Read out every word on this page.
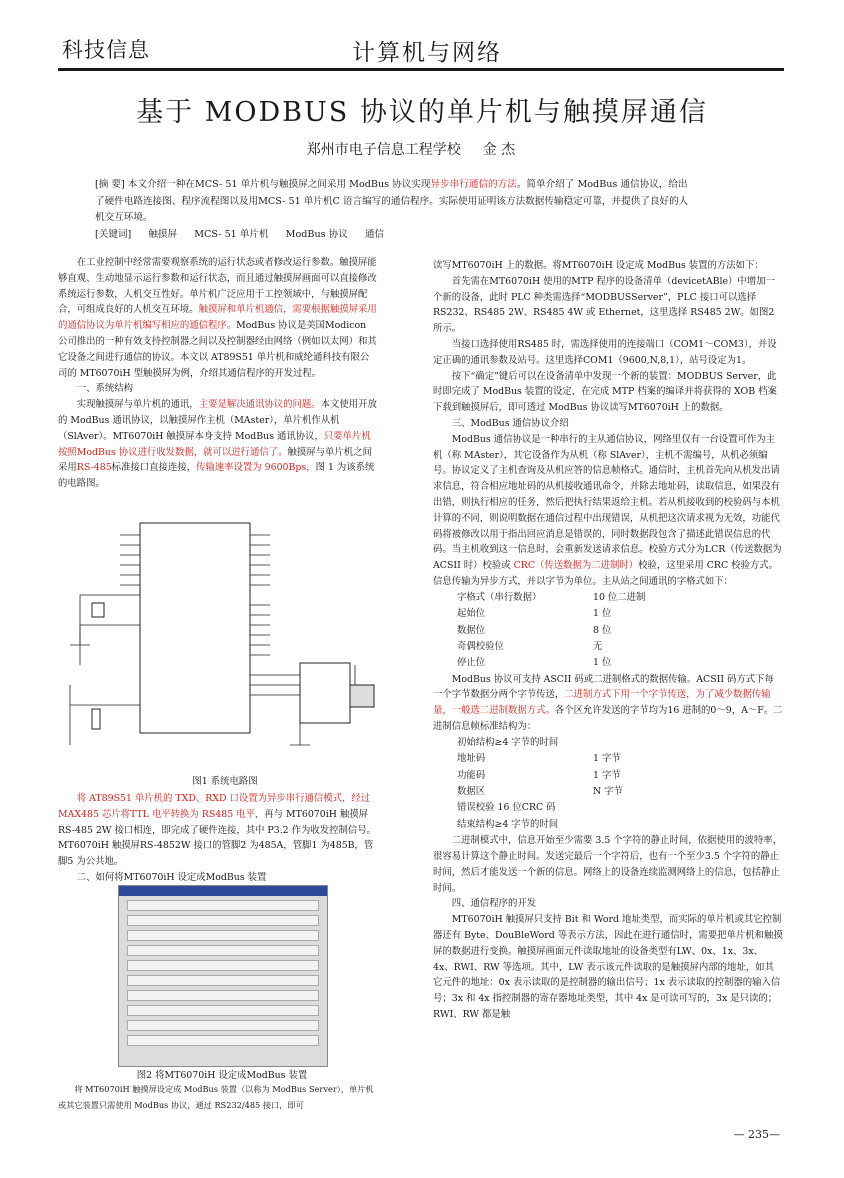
科技信息	计算机与网络
基于 MODBUS 协议的单片机与触摸屏通信
郑州市电子信息工程学校 金 杰
[摘 要] 本文介绍一种在MCS- 51 单片机与触摸屏之间采用 ModBus 协议实现异步串行通信的方法。简单介绍了 ModBus 通信协议，给出了硬件电路连接图、程序流程图以及用MCS- 51 单片机C 语言编写的通信程序。实际使用证明该方法数据传输稳定可靠，并提供了良好的人机交互环境。
[关键词] 触摸屏 MCS- 51 单片机 ModBus 协议 通信

在工业控制中经常需要观察系统的运行状态或者修改运行参数。触摸屏能够直观、生动地显示运行参数和运行状态，而且通过触摸屏画面可以直接修改系统运行参数，人机交互性好。单片机广泛应用于工控领域中，与触摸屏配合，可组成良好的人机交互环境。触摸屏和单片机通信，需要根据触摸屏采用的通信协议为单片机编写相应的通信程序。ModBus 协议是美国Modicon 公司推出的一种有效支持控制器之间以及控制器经由网络（例如以太网）和其它设备之间进行通信的协议。本文以 AT89S51 单片机和威纶通科技有限公司的 MT6070iH 型触摸屏为例，介绍其通信程序的开发过程。

一、系统结构

实现触摸屏与单片机的通讯，主要是解决通讯协议的问题。本文使用开放的 ModBus 通讯协议，以触摸屏作主机（MAster），单片机作从机（SlAver）。MT6070iH 触摸屏本身支持 ModBus 通讯协议，只要单片机按照ModBus 协议进行收发数据，就可以进行通信了。触摸屏与单片机之间采用RS-485标准接口直接连接，传输速率设置为 9600Bps，图 1 为该系统的电路图。

图1 系统电路图

将 AT89S51 单片机的 TXD、RXD 口设置为异步串行通信模式，经过MAX485 芯片将TTL 电平转换为 RS485 电平，再与 MT6070iH 触摸屏 RS-485 2W 接口相连，即完成了硬件连接，其中 P3.2 作为收发控制信号。MT6070iH 触摸屏RS-4852W 接口的管脚2 为485A，管脚1 为485B，管脚5 为公共地。

二、如何将MT6070iH 设定成ModBus 装置

图2 将MT6070iH 设定成ModBus 装置

将 MT6070iH 触摸屏设定成 ModBus 装置（以称为 ModBus Server），单片机或其它装置只需使用 ModBus 协议，通过 RS232/485 接口，即可

读写MT6070iH 上的数据。将MT6070iH 设定成 ModBus 装置的方法如下：

首先需在MT6070iH 使用的MTP 程序的设备清单（devicetABle）中增加一个新的设备，此时 PLC 种类需选择“MODBUSServer”，PLC 接口可以选择 RS232、RS485 2W、RS485 4W 或 Ethernet，这里选择 RS485 2W。如图2 所示。

当接口选择使用RS485 时，需选择使用的连接端口（COM1～COM3），并设定正确的通讯参数及站号。这里选择COM1（9600,N,8,1），站号设定为1。

按下“确定”键后可以在设备清单中发现一个新的装置：MODBUS Server，此时即完成了 ModBus 装置的设定，在完成 MTP 档案的编译并将获得的 XOB 档案下载到触摸屏后，即可透过 ModBus 协议读写MT6070iH 上的数据。

三、ModBus 通信协议介绍

ModBus 通信协议是一种串行的主从通信协议，网络里仅有一台设置可作为主机（称 MAster），其它设备作为从机（称 SlAver），主机不需编号，从机必须编号。协议定义了主机查询及从机应答的信息帧格式。通信时，主机首先向从机发出请求信息，符合相应地址码的从机接收通讯命令，并除去地址码，读取信息，如果没有出错，则执行相应的任务，然后把执行结果返给主机。若从机接收到的校验码与本机计算的不同，则说明数据在通信过程中出现错误，从机把这次请求视为无效，功能代码将被修改以用于指出回应消息是错误的，同时数据段包含了描述此错误信息的代码。当主机收到这一信息时，会重新发送请求信息。校验方式分为LCR（传送数据为ACSII 时）校验或 CRC（传送数据为二进制时）校验，这里采用 CRC 校验方式。信息传输为异步方式，并以字节为单位。主从站之间通讯的字格式如下：

字格式（串行数据）	10 位二进制
起始位	1 位
数据位	8 位
奇偶校验位	无
停止位	1 位

ModBus 协议可支持 ASCII 码或二进制格式的数据传输。ACSII 码方式下每一个字节数据分两个字节传送，二进制方式下用一个字节传送，为了减少数据传输量，一般选二进制数据方式。各个区允许发送的字节均为16 进制的0～9，A～F。二进制信息帧标准结构为：

初始结构≥4 字节的时间
地址码	1 字节
功能码	1 字节
数据区	N 字节
错误校验 16 位CRC 码
结束结构≥4 字节的时间

二进制模式中，信息开始至少需要 3.5 个字符的静止时间，依据使用的波特率，很容易计算这个静止时间。发送完最后一个字符后，也有一个至少3.5 个字符的静止时间，然后才能发送一个新的信息。网络上的设备连续监测网络上的信息，包括静止时间。

四、通信程序的开发

MT6070iH 触摸屏只支持 Bit 和 Word 地址类型，而实际的单片机或其它控制器还有 Byte、DouBleWord 等表示方法，因此在进行通信时，需要把单片机和触摸屏的数据进行变换。触摸屏画面元件读取地址的设备类型有LW、0x、1x、3x、4x、RWI、RW 等选项。其中，LW 表示该元件读取的是触摸屏内部的地址，如其它元件的地址：0x 表示读取的是控制器的输出信号；1x 表示读取的控制器的输入信号；3x 和 4x 指控制器的寄存器地址类型，其中 4x 是可读可写的，3x 是只读的；RWI、RW 都是触

— 235—
